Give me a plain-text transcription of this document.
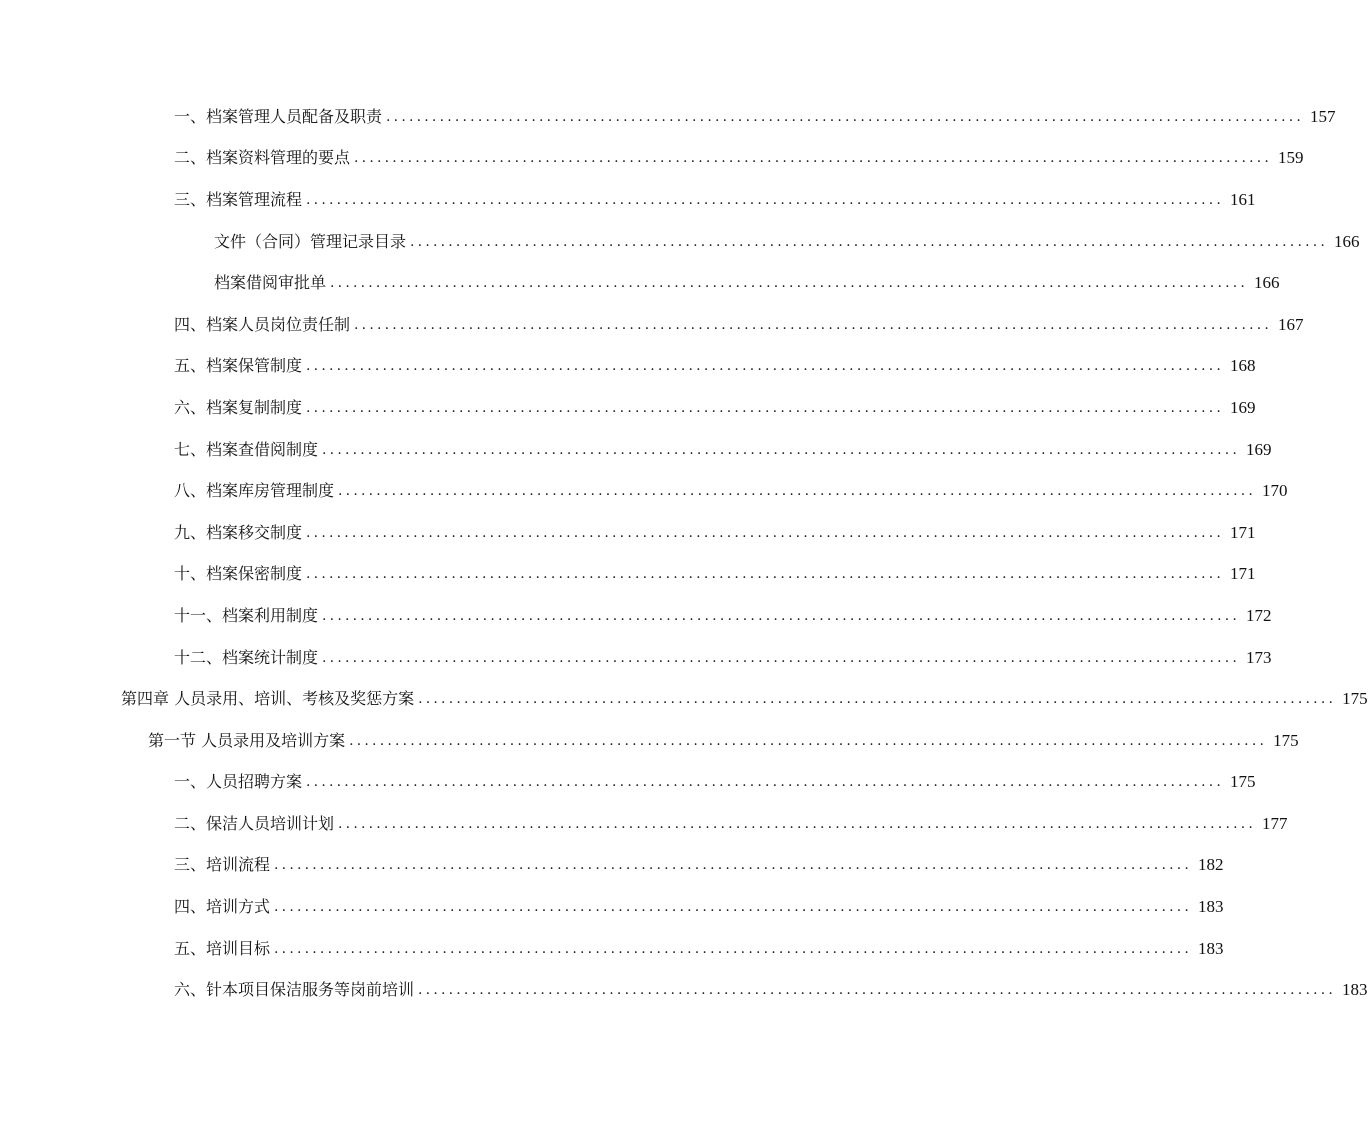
一、档案管理人员配备及职责 ........................................................................................................................ 157
二、档案资料管理的要点 ........................................................................................................................ 159
三、档案管理流程 ........................................................................................................................ 161
文件（合同）管理记录目录 ........................................................................................................................ 166
档案借阅审批单 ........................................................................................................................ 166
四、档案人员岗位责任制 ........................................................................................................................ 167
五、档案保管制度 ........................................................................................................................ 168
六、档案复制制度 ........................................................................................................................ 169
七、档案查借阅制度 ........................................................................................................................ 169
八、档案库房管理制度 ........................................................................................................................ 170
九、档案移交制度 ........................................................................................................................ 171
十、档案保密制度 ........................................................................................................................ 171
十一、档案利用制度 ........................................................................................................................ 172
十二、档案统计制度 ........................................................................................................................ 173
第四章 人员录用、培训、考核及奖惩方案 ........................................................................................................................ 175
第一节 人员录用及培训方案 ........................................................................................................................ 175
一、人员招聘方案 ........................................................................................................................ 175
二、保洁人员培训计划 ........................................................................................................................ 177
三、培训流程 ........................................................................................................................ 182
四、培训方式 ........................................................................................................................ 183
五、培训目标 ........................................................................................................................ 183
六、针本项目保洁服务等岗前培训 ........................................................................................................................ 183
